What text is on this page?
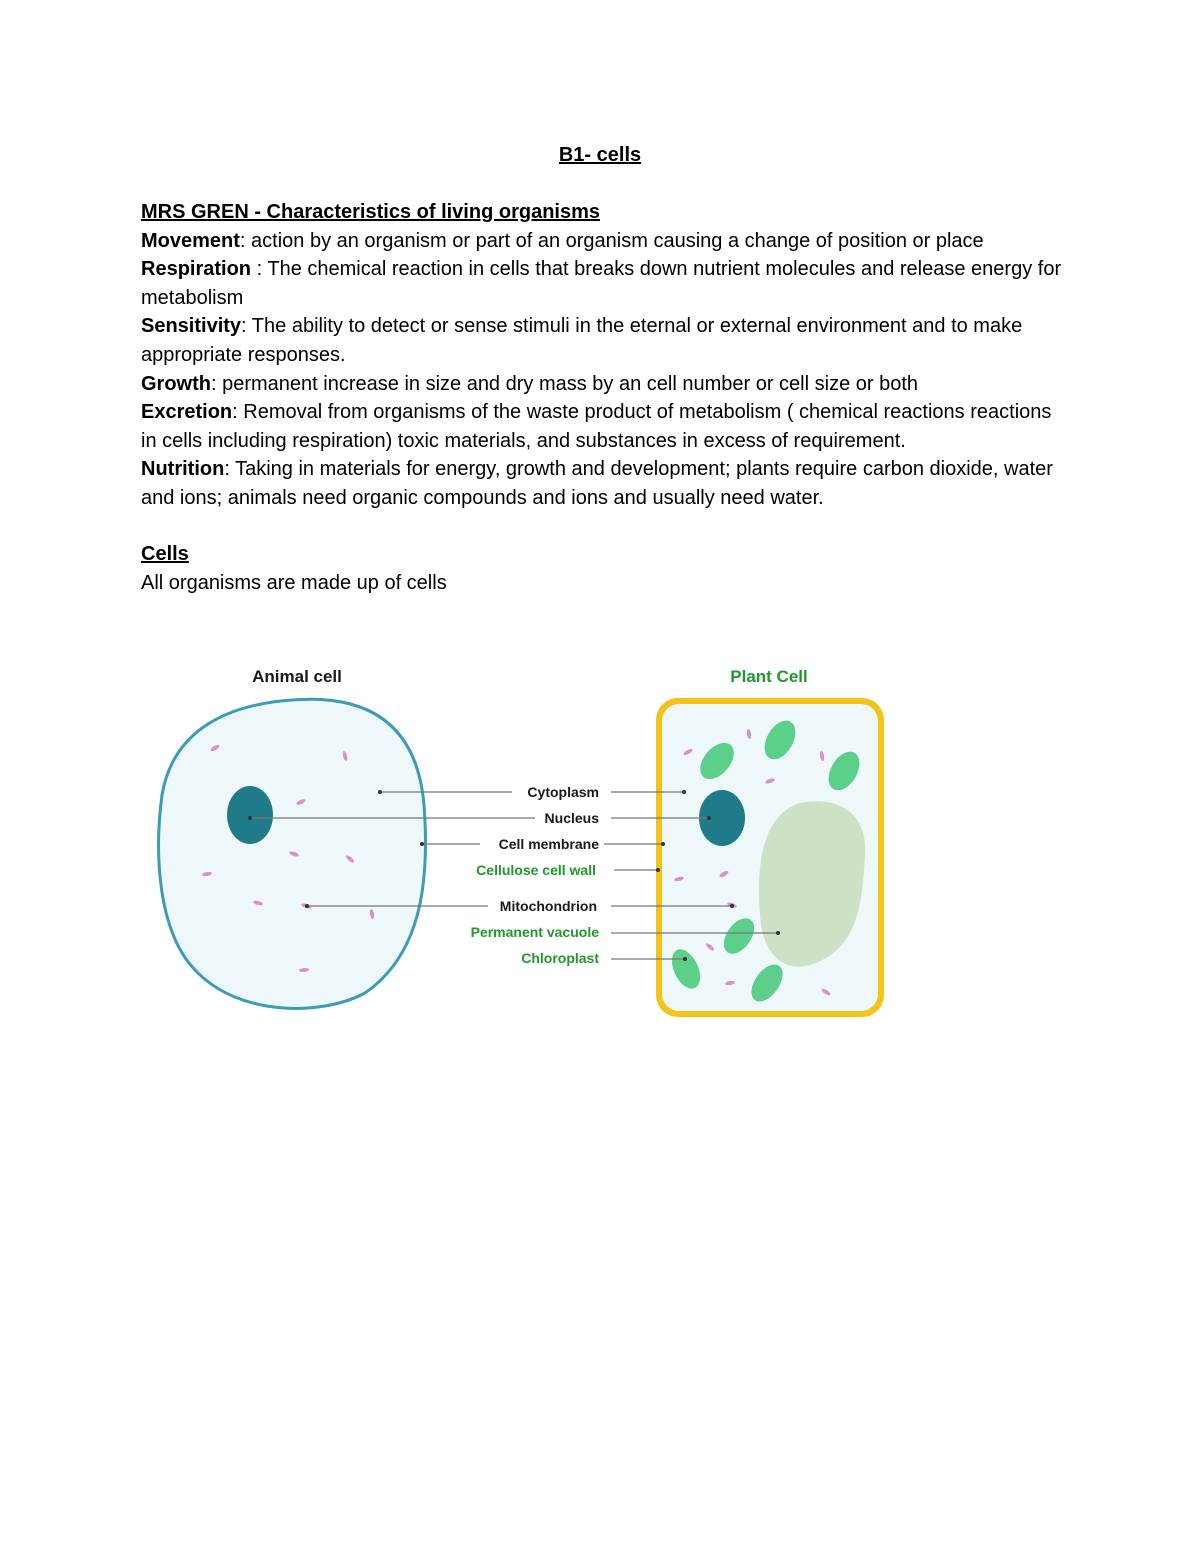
B1- cells

MRS GREN - Characteristics of living organisms

Movement: action by an organism or part of an organism causing a change of position or place

Respiration : The chemical reaction in cells that breaks down nutrient molecules and release energy for metabolism

Sensitivity: The ability to detect or sense stimuli in the eternal or external environment and to make appropriate responses.

Growth: permanent increase in size and dry mass by an cell number or cell size or both

Excretion: Removal from organisms of the waste product of metabolism ( chemical reactions reactions in cells including respiration) toxic materials, and substances in excess of requirement.

Nutrition: Taking in materials for energy, growth and development; plants require carbon dioxide, water and ions; animals need organic compounds and ions and usually need water.

Cells

All organisms are made up of cells

Animal cell	Plant Cell
Cytoplasm
Nucleus
Cell membrane
Cellulose cell wall
Mitochondrion
Permanent vacuole
Chloroplast
